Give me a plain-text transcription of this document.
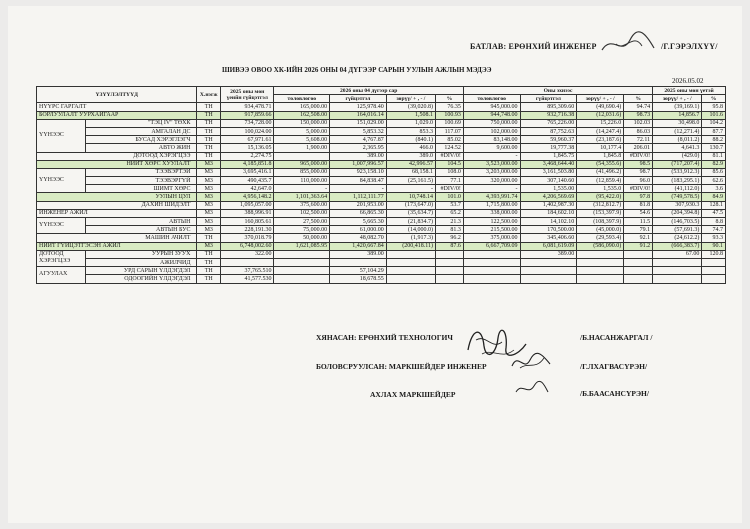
БАТЛАВ: ЕРӨНХИЙ ИНЖЕНЕР	/Г.ГЭРЭЛХҮҮ/
ШИВЭЭ ОВОО ХК-ИЙН 2026 ОНЫ 04 ДҮГЭЭР САРЫН УУЛЫН АЖЛЫН МЭДЭЭ
2026.05.02
ҮЗҮҮЛЭЛТҮҮД		Х.нэгж	2025 оны мөн үеийн гүйцэтгэл	2026 оны 04 дүгээр сар				Оны эхнээс				2025 оны мөн үетэй	
				төлөвлөгөө	гүйцэтгэл	зөрүү/ + , - /	%	төлөвлөгөө	гүйцэтгэл	зөрүү/ + , - /	%	зөрүү/ + , - /	%
НҮҮРС ГАРГАЛТ		ТН	934,478.71	165,000.00	125,978.40	(39,020.8)	76.35	945,000.00	895,309.60	(49,690.4)	94.74	(39,169.1)	95.8
БОРЛУУЛАЛТ УУРХАЙГААР		ТН	917,859.66	162,508.00	164,016.14	1,508.1	100.93	944,748.00	932,716.38	(12,031.6)	98.73	14,856.7	101.6
ҮҮНЭЭС	"ТЭЦ IV" ТӨХК	ТН	734,728.00	150,000.00	151,029.00	1,029.0	100.69	750,000.00	765,226.00	15,226.0	102.03	30,498.0	104.2
	АМГАЛАН ДС	ТН	100,024.00	5,000.00	5,853.32	853.3	117.07	102,000.00	87,752.63	(14,247.4)	86.03	(12,271.4)	87.7
	БУСАД ХЭРЭГЛЭГЧ	ТН	67,971.61	5,608.00	4,767.87	(840.1)	85.02	83,148.00	59,960.37	(23,187.6)	72.11	(8,011.2)	88.2
	АВТО ЖИН	ТН	15,136.05	1,900.00	2,365.95	466.0	124.52	9,600.00	19,777.38	10,177.4	206.01	4,641.3	130.7
ДОТООД ХЭРЭГЦЭЭ		ТН	2,274.75		389.00	389.0	#DIV/0!	-	1,845.75	1,845.8	#DIV/0!	(429.0)	81.1
НИЙТ ХӨРС ХУУЛАЛТ		М3	4,185,851.8	965,000.00	1,007,996.57	42,996.57	104.5	3,523,000.00	3,468,644.40	(54,355.6)	98.5	(717,207.4)	82.9
ҮҮНЭЭС	ТЭЭВЭРТЭЙ	М3	3,695,416.1	855,000.00	923,158.10	68,158.1	108.0	3,203,000.00	3,161,503.80	(41,496.2)	98.7	(533,912.3)	85.6
	ТЭЭВЭРГҮЙ	М3	490,435.7	110,000.00	84,838.47	(25,161.5)	77.1	320,000.00	307,140.60	(12,859.4)	96.0	(183,295.1)	62.6
	ШИМТ ХӨРС	М3	42,647.0	-	-	-	#DIV/0!	-	1,535.00	1,535.0	#DIV/0!	(41,112.0)	3.6
УУЛЫН ЦУЛ		М3	4,956,148.2	1,101,363.64	1,112,111.77	10,748.14	101.0	4,393,991.74	4,206,569.69	(95,422.0)	97.8	(749,578.5)	84.9
ДАХИН ШИДЭЛТ		М3	1,095,057.00	375,600.00	201,953.00	(173,647.0)	53.7	1,715,800.00	1,402,987.30	(312,812.7)	81.8	307,930.3	128.1
ИНЖЕНЕР АЖИЛ		М3	388,996.91	102,500.00	66,865.30	(35,634.7)	65.2	338,000.00	184,602.10	(153,397.9)	54.6	(204,394.8)	47.5
ҮҮНЭЭС	АВТЫН	М3	160,805.61	27,500.00	5,665.30	(21,834.7)	21.3	122,500.00	14,102.10	(108,397.9)	11.5	(146,703.5)	8.8
	АВТЫН БУС	М3	228,191.30	75,000.00	61,000.00	(14,000.0)	81.3	215,500.00	170,500.00	(45,000.0)	79.1	(57,691.3)	74.7
МАШИН АЧИЛТ		ТН	370,018.79	50,000.00	48,082.70	(1,917.3)	96.2	375,000.00	345,406.60	(29,593.4)	92.1	(24,612.2)	93.3
НИЙТ ГҮЙЦЭТГЭСЭН АЖИЛ		М3	6,748,002.60	1,621,085.95	1,420,667.84	(200,418.11)	87.6	6,667,709.09	6,081,619.09	(586,090.0)	91.2	(666,383.7)	90.1
ДОТООД ХЭРЭГЦЭЭ	УУРЫН ЗУУХ	ТН	322.00		389.00				389.00			67.00	120.8
	АЖИЛЧИД	ТН											
АГУУЛАХ	УРД САРЫН ҮЛДЭГДЭЛ	ТН	37,765.510		57,104.29								
	ОДООГИЙН ҮЛДЭГДЭЛ	ТН	41,577.530		18,678.55								
ХЯНАСАН: ЕРӨНХИЙ ТЕХНОЛОГИЧ	/Б.НАСАНЖАРГАЛ /
БОЛОВСРУУЛСАН: МАРКШЕЙДЕР ИНЖЕНЕР	/Г.ЛХАГВАСҮРЭН/
АХЛАХ МАРКШЕЙДЕР	/Б.БААСАНСҮРЭН/
